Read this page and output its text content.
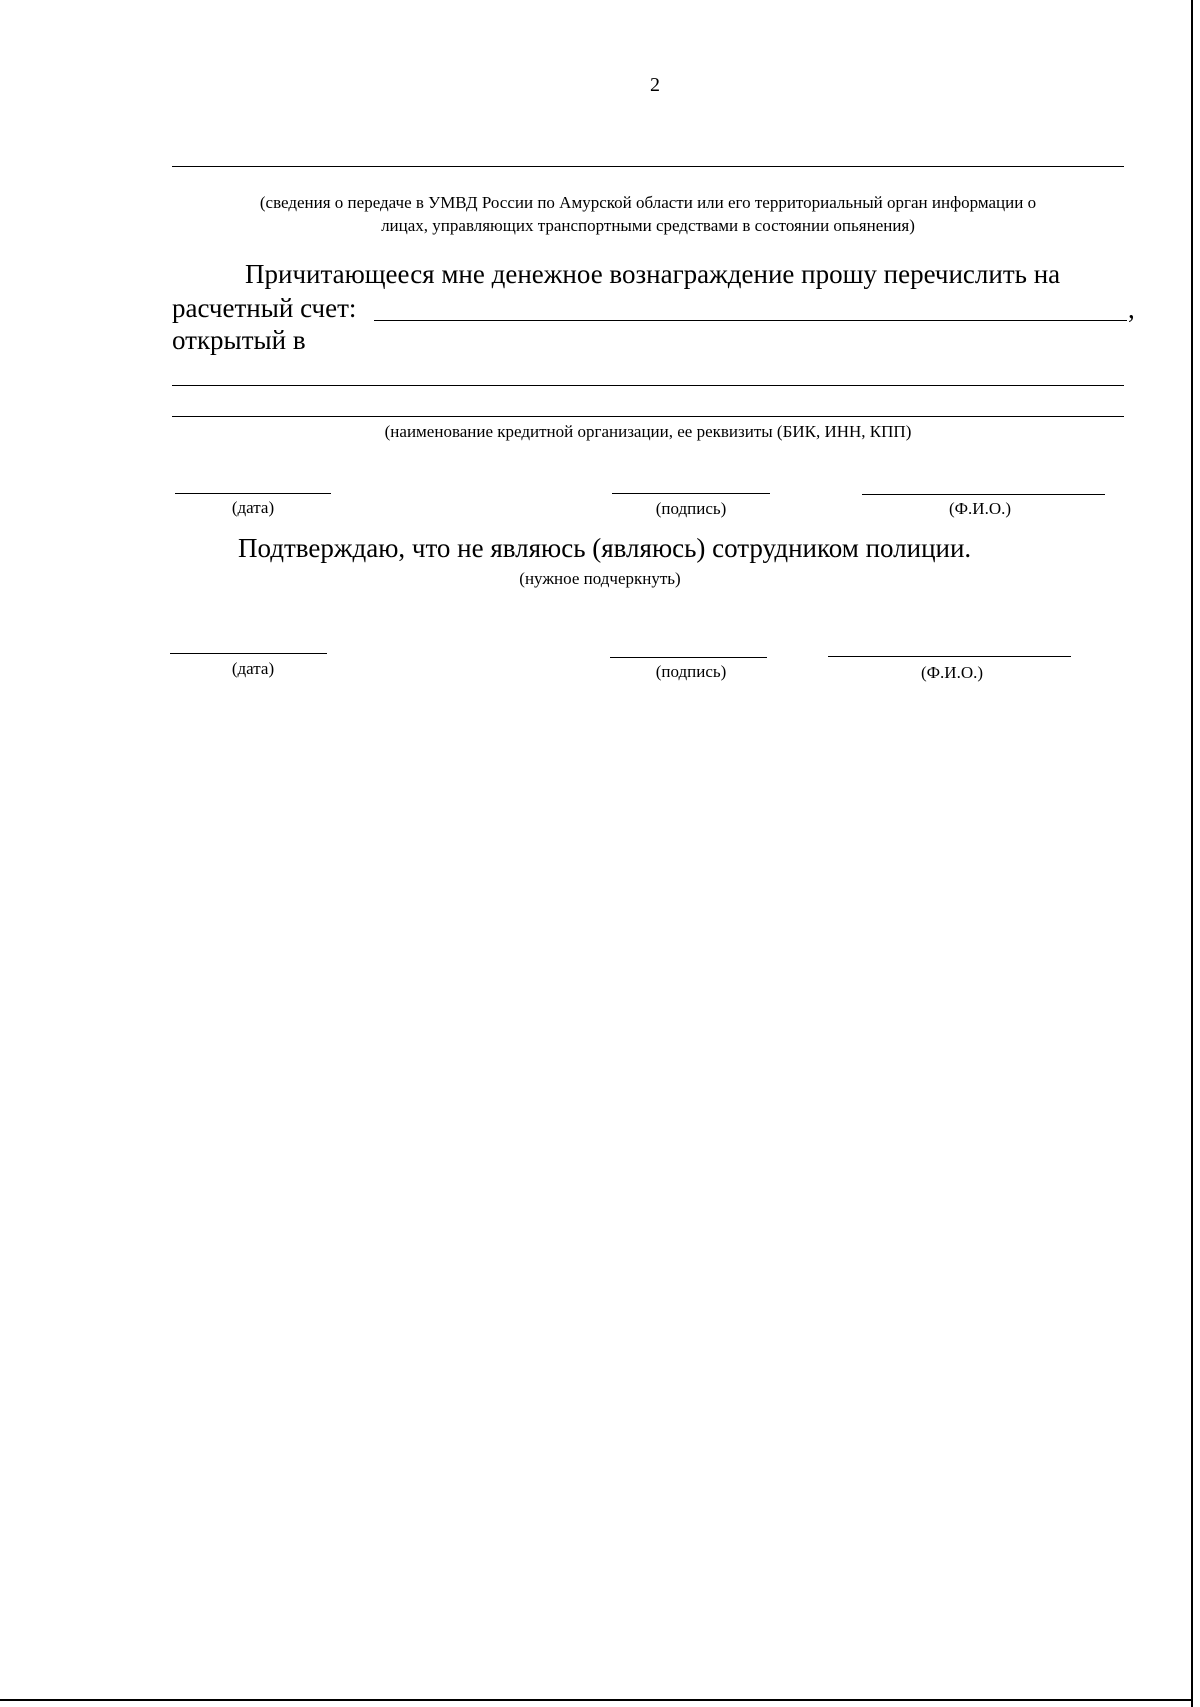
2
(сведения о передаче в УМВД России по Амурской области или его территориальный орган информации о
лицах, управляющих транспортными средствами в состоянии опьянения)
Причитающееся мне денежное вознаграждение прошу перечислить на
расчетный счет:	,
открытый в
(наименование кредитной организации, ее реквизиты (БИК, ИНН, КПП)
(дата)	(подпись)	(Ф.И.О.)
Подтверждаю, что не являюсь (являюсь) сотрудником полиции.
(нужное подчеркнуть)
(дата)	(подпись)	(Ф.И.О.)
